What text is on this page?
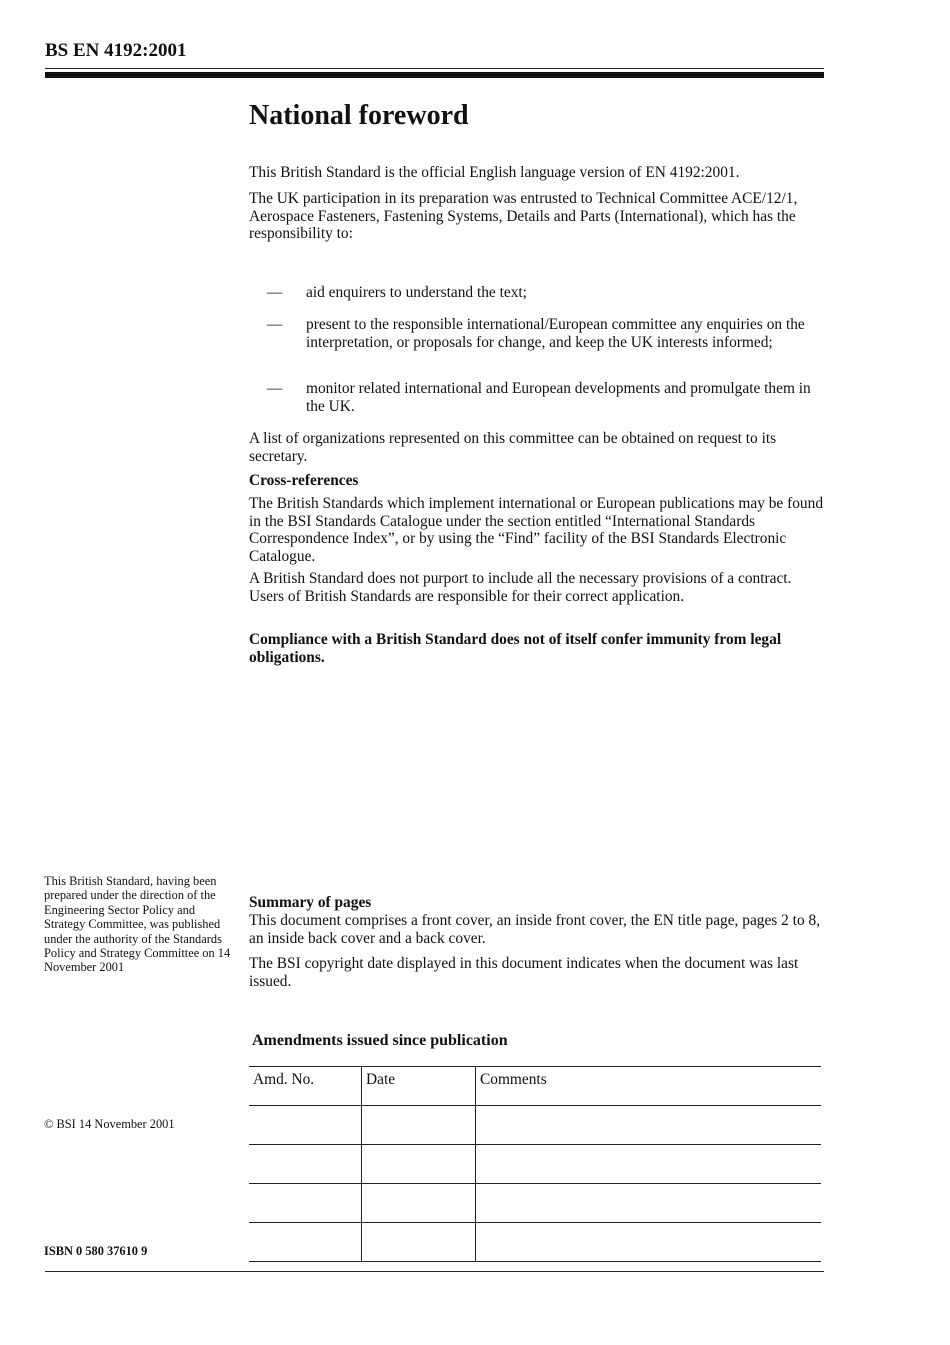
BS EN 4192:2001
National foreword
This British Standard is the official English language version of EN 4192:2001.
The UK participation in its preparation was entrusted to Technical Committee ACE/12/1, Aerospace Fasteners, Fastening Systems, Details and Parts (International), which has the responsibility to:
— aid enquirers to understand the text;
— present to the responsible international/European committee any enquiries on the interpretation, or proposals for change, and keep the UK interests informed;
— monitor related international and European developments and promulgate them in the UK.
A list of organizations represented on this committee can be obtained on request to its secretary.
Cross-references
The British Standards which implement international or European publications may be found in the BSI Standards Catalogue under the section entitled “International Standards Correspondence Index”, or by using the “Find” facility of the BSI Standards Electronic Catalogue.
A British Standard does not purport to include all the necessary provisions of a contract. Users of British Standards are responsible for their correct application.
Compliance with a British Standard does not of itself confer immunity from legal obligations.
This British Standard, having been prepared under the direction of the Engineering Sector Policy and Strategy Committee, was published under the authority of the Standards Policy and Strategy Committee on 14 November 2001
Summary of pages
This document comprises a front cover, an inside front cover, the EN title page, pages 2 to 8, an inside back cover and a back cover.
The BSI copyright date displayed in this document indicates when the document was last issued.
Amendments issued since publication
Amd. No.	Date	Comments

© BSI 14 November 2001
ISBN 0 580 37610 9
